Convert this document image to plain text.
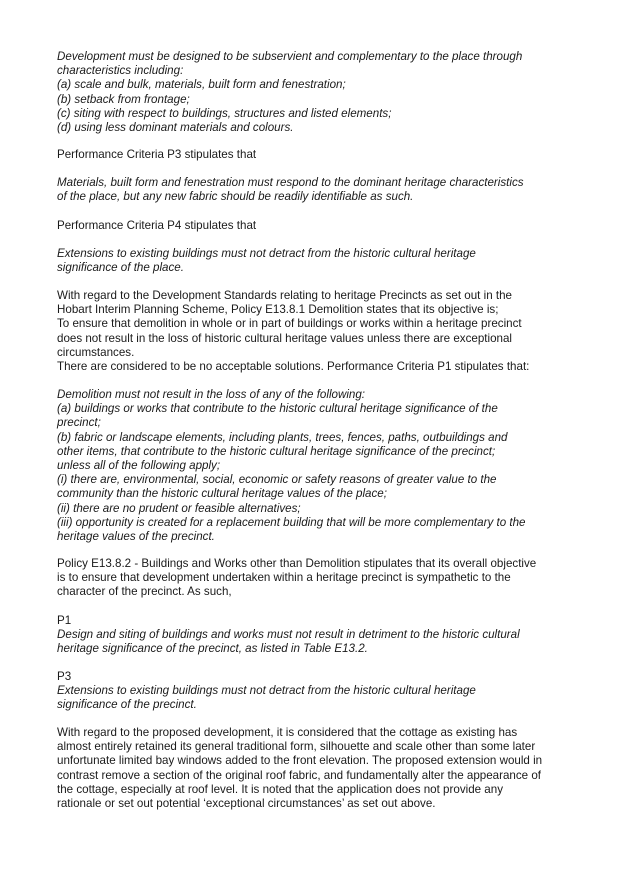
Development must be designed to be subservient and complementary to the place through
characteristics including:
(a) scale and bulk, materials, built form and fenestration;
(b) setback from frontage;
(c) siting with respect to buildings, structures and listed elements;
(d) using less dominant materials and colours.
Performance Criteria P3 stipulates that
Materials, built form and fenestration must respond to the dominant heritage characteristics
of the place, but any new fabric should be readily identifiable as such.
Performance Criteria P4 stipulates that
Extensions to existing buildings must not detract from the historic cultural heritage
significance of the place.
With regard to the Development Standards relating to heritage Precincts as set out in the
Hobart Interim Planning Scheme, Policy E13.8.1 Demolition states that its objective is;
To ensure that demolition in whole or in part of buildings or works within a heritage precinct
does not result in the loss of historic cultural heritage values unless there are exceptional
circumstances.
There are considered to be no acceptable solutions. Performance Criteria P1 stipulates that:
Demolition must not result in the loss of any of the following:
(a) buildings or works that contribute to the historic cultural heritage significance of the
precinct;
(b) fabric or landscape elements, including plants, trees, fences, paths, outbuildings and
other items, that contribute to the historic cultural heritage significance of the precinct;
unless all of the following apply;
(i) there are, environmental, social, economic or safety reasons of greater value to the
community than the historic cultural heritage values of the place;
(ii) there are no prudent or feasible alternatives;
(iii) opportunity is created for a replacement building that will be more complementary to the
heritage values of the precinct.
Policy E13.8.2 - Buildings and Works other than Demolition stipulates that its overall objective
is to ensure that development undertaken within a heritage precinct is sympathetic to the
character of the precinct. As such,
P1
Design and siting of buildings and works must not result in detriment to the historic cultural
heritage significance of the precinct, as listed in Table E13.2.
P3
Extensions to existing buildings must not detract from the historic cultural heritage
significance of the precinct.
With regard to the proposed development, it is considered that the cottage as existing has
almost entirely retained its general traditional form, silhouette and scale other than some later
unfortunate limited bay windows added to the front elevation. The proposed extension would in
contrast remove a section of the original roof fabric, and fundamentally alter the appearance of
the cottage, especially at roof level. It is noted that the application does not provide any
rationale or set out potential ‘exceptional circumstances’ as set out above.
